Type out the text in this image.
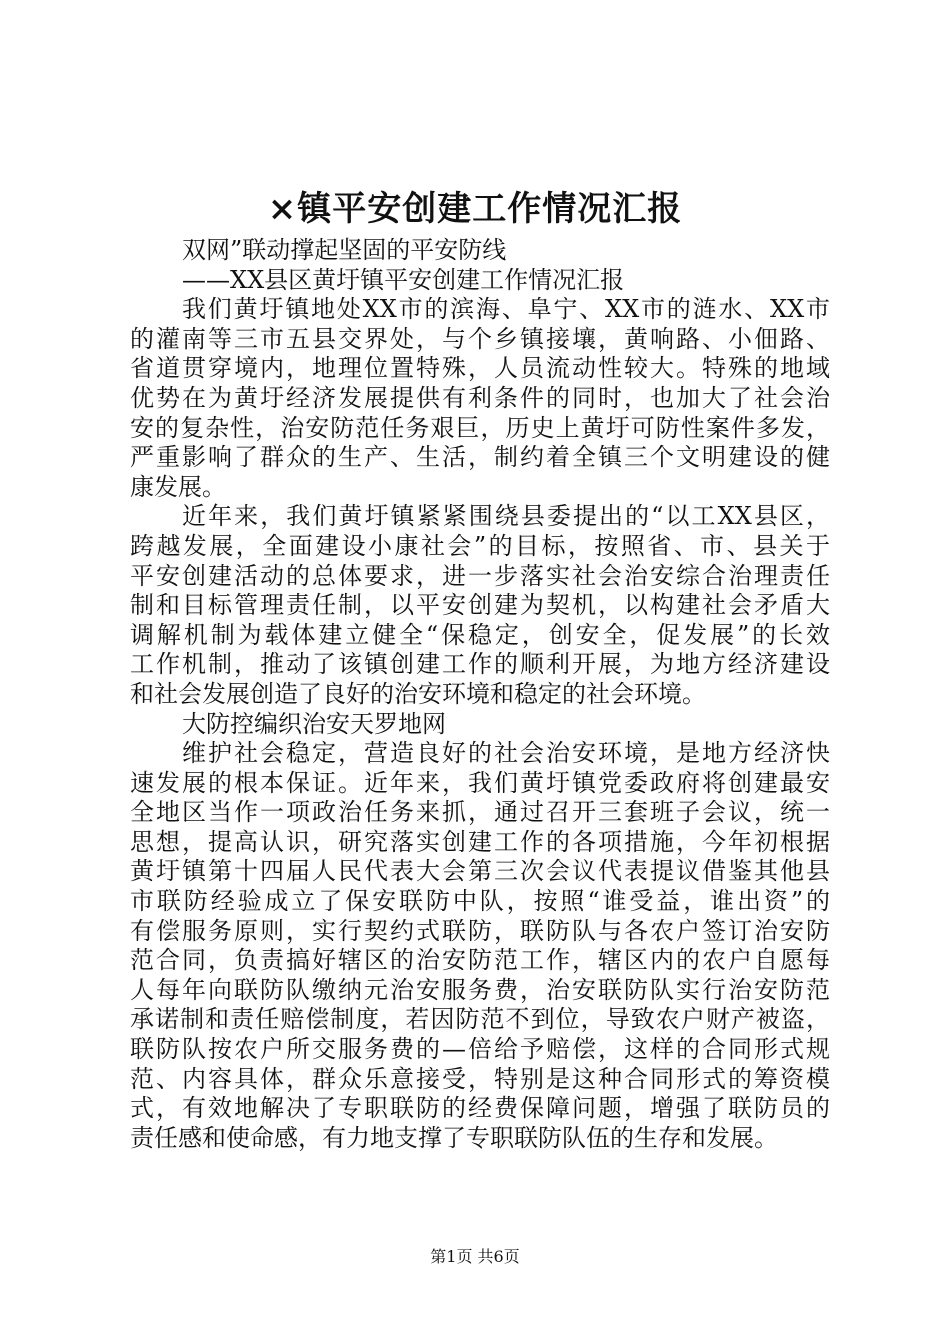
×镇平安创建工作情况汇报
双网”联动撑起坚固的平安防线
——XX县区黄圩镇平安创建工作情况汇报
我们黄圩镇地处XX市的滨海、阜宁、XX市的涟水、XX市
的灌南等三市五县交界处，与个乡镇接壤，黄响路、小佃路、
省道贯穿境内，地理位置特殊，人员流动性较大。特殊的地域
优势在为黄圩经济发展提供有利条件的同时，也加大了社会治
安的复杂性，治安防范任务艰巨，历史上黄圩可防性案件多发，
严重影响了群众的生产、生活，制约着全镇三个文明建设的健
康发展。
近年来，我们黄圩镇紧紧围绕县委提出的“以工XX县区，
跨越发展，全面建设小康社会”的目标，按照省、市、县关于
平安创建活动的总体要求，进一步落实社会治安综合治理责任
制和目标管理责任制，以平安创建为契机，以构建社会矛盾大
调解机制为载体建立健全“保稳定，创安全，促发展”的长效
工作机制，推动了该镇创建工作的顺利开展，为地方经济建设
和社会发展创造了良好的治安环境和稳定的社会环境。
大防控编织治安天罗地网
维护社会稳定，营造良好的社会治安环境，是地方经济快
速发展的根本保证。近年来，我们黄圩镇党委政府将创建最安
全地区当作一项政治任务来抓，通过召开三套班子会议，统一
思想，提高认识，研究落实创建工作的各项措施，今年初根据
黄圩镇第十四届人民代表大会第三次会议代表提议借鉴其他县
市联防经验成立了保安联防中队，按照“谁受益，谁出资”的
有偿服务原则，实行契约式联防，联防队与各农户签订治安防
范合同，负责搞好辖区的治安防范工作，辖区内的农户自愿每
人每年向联防队缴纳元治安服务费，治安联防队实行治安防范
承诺制和责任赔偿制度，若因防范不到位，导致农户财产被盗，
联防队按农户所交服务费的—倍给予赔偿，这样的合同形式规
范、内容具体，群众乐意接受，特别是这种合同形式的筹资模
式，有效地解决了专职联防的经费保障问题，增强了联防员的
责任感和使命感，有力地支撑了专职联防队伍的生存和发展。
第1页 共6页
